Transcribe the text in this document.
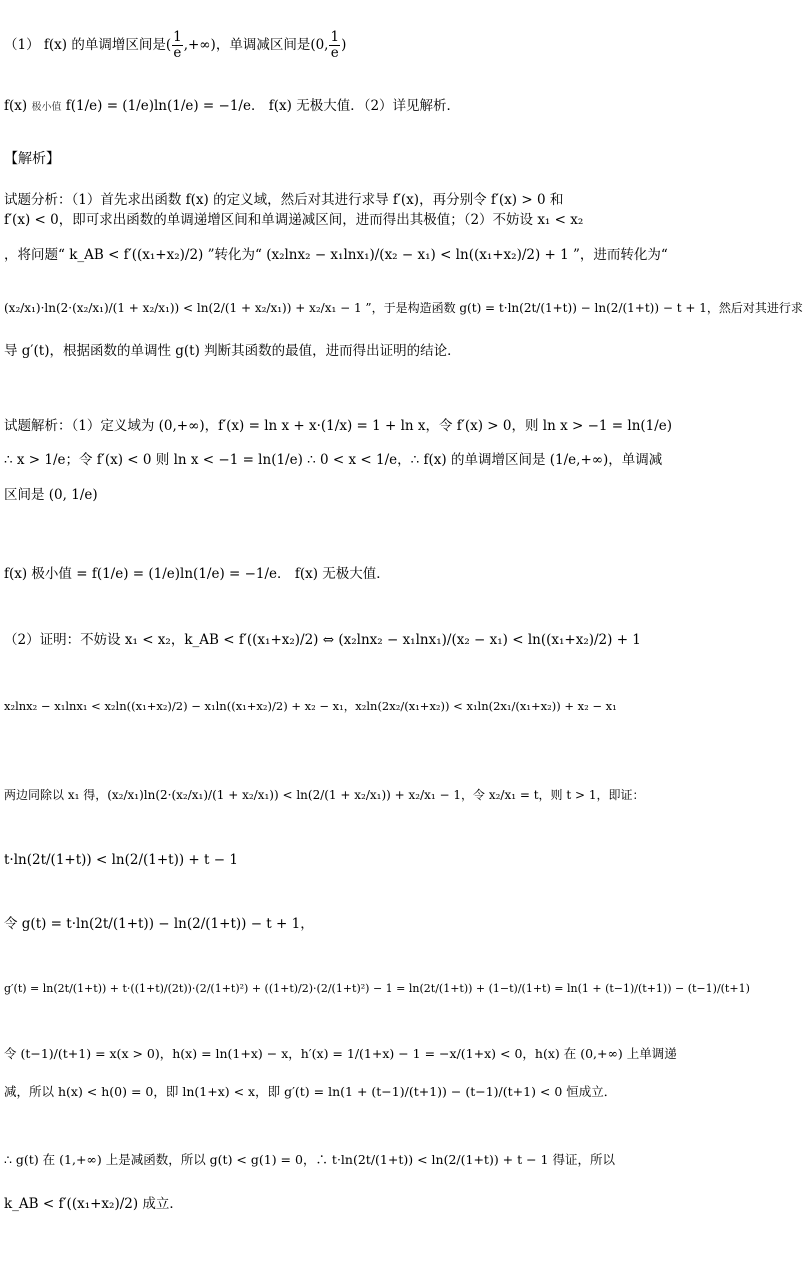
（1） f(x) 的单调增区间是( $\frac{1}{e}$ ,+∞)，单调减区间是(0, $\frac{1}{e}$ )
f(x) 极小值 f(1/e) = (1/e)ln(1/e) = −1/e． f(x) 无极大值．（2）详见解析．
【解析】
试题分析：（1）首先求出函数 f(x) 的定义域，然后对其进行求导 f′(x)，再分别令 f′(x) > 0 和
f′(x) < 0，即可求出函数的单调递增区间和单调递减区间，进而得出其极值；（2）不妨设 x₁ < x₂
，将问题“ k_AB < f′((x₁+x₂)/2) ”转化为“ (x₂lnx₂ − x₁lnx₁)/(x₂ − x₁) < ln((x₁+x₂)/2) + 1 ”，进而转化为“
(x₂/x₁)·ln(2·(x₂/x₁)/(1 + x₂/x₁)) < ln(2/(1 + x₂/x₁)) + x₂/x₁ − 1 ”，于是构造函数 g(t) = t·ln(2t/(1+t)) − ln(2/(1+t)) − t + 1，然后对其进行求
导 g′(t)，根据函数的单调性 g(t) 判断其函数的最值，进而得出证明的结论．
试题解析：（1）定义域为 (0,+∞)，f′(x) = ln x + x·(1/x) = 1 + ln x，令 f′(x) > 0，则 ln x > −1 = ln(1/e)
∴ x > 1/e；令 f′(x) < 0 则 ln x < −1 = ln(1/e) ∴ 0 < x < 1/e，∴ f(x) 的单调增区间是 (1/e,+∞)，单调减
区间是 (0, 1/e)
f(x) 极小值 = f(1/e) = (1/e)ln(1/e) = −1/e． f(x) 无极大值．
（2）证明：不妨设 x₁ < x₂，k_AB < f′((x₁+x₂)/2) ⇔ (x₂lnx₂ − x₁lnx₁)/(x₂ − x₁) < ln((x₁+x₂)/2) + 1
x₂lnx₂ − x₁lnx₁ < x₂ln((x₁+x₂)/2) − x₁ln((x₁+x₂)/2) + x₂ − x₁，x₂ln(2x₂/(x₁+x₂)) < x₁ln(2x₁/(x₁+x₂)) + x₂ − x₁
两边同除以 x₁ 得，(x₂/x₁)ln(2·(x₂/x₁)/(1 + x₂/x₁)) < ln(2/(1 + x₂/x₁)) + x₂/x₁ − 1，令 x₂/x₁ = t，则 t > 1，即证：
t·ln(2t/(1+t)) < ln(2/(1+t)) + t − 1
令 g(t) = t·ln(2t/(1+t)) − ln(2/(1+t)) − t + 1，
g′(t) = ln(2t/(1+t)) + t·((1+t)/(2t))·(2/(1+t)²) + ((1+t)/2)·(2/(1+t)²) − 1 = ln(2t/(1+t)) + (1−t)/(1+t) = ln(1 + (t−1)/(t+1)) − (t−1)/(t+1)
令 (t−1)/(t+1) = x(x > 0)，h(x) = ln(1+x) − x，h′(x) = 1/(1+x) − 1 = −x/(1+x) < 0，h(x) 在 (0,+∞) 上单调递
减，所以 h(x) < h(0) = 0，即 ln(1+x) < x，即 g′(t) = ln(1 + (t−1)/(t+1)) − (t−1)/(t+1) < 0 恒成立．
∴ g(t) 在 (1,+∞) 上是减函数，所以 g(t) < g(1) = 0，∴ t·ln(2t/(1+t)) < ln(2/(1+t)) + t − 1 得证，所以
k_AB < f′((x₁+x₂)/2) 成立．
